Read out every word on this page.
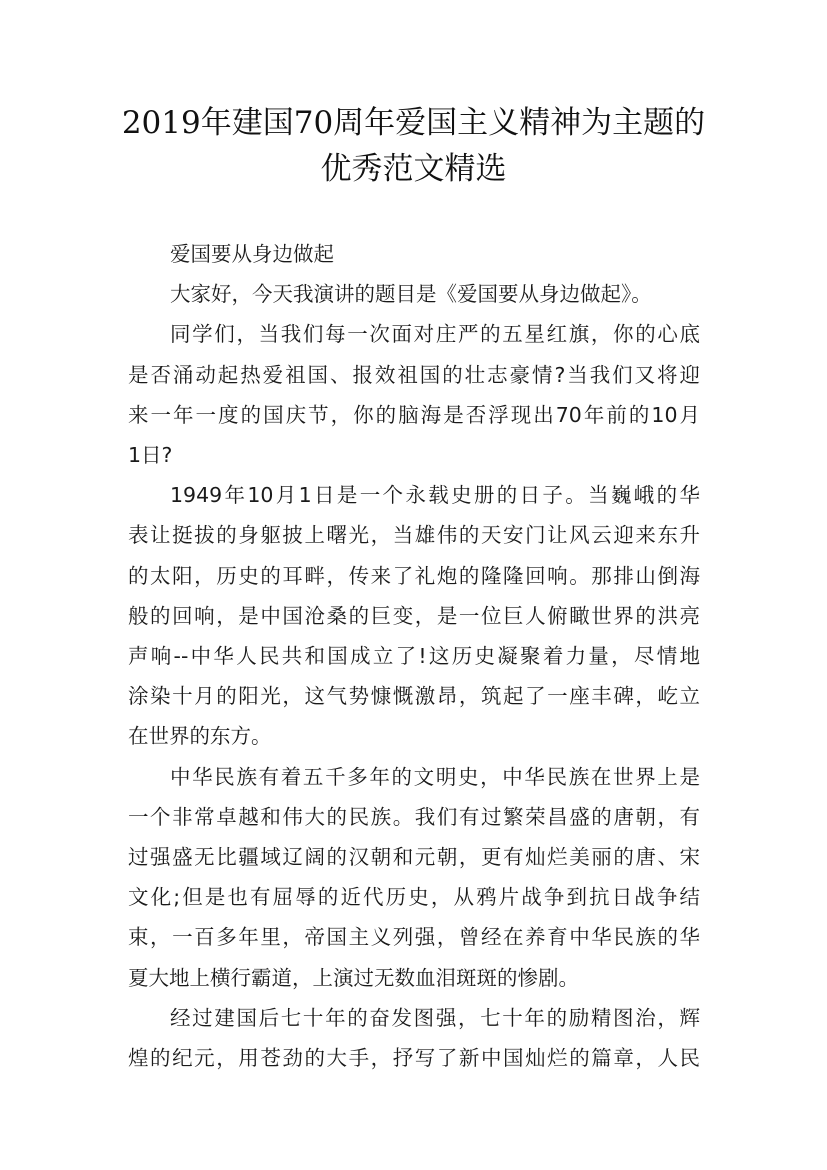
2019年建国70周年爱国主义精神为主题的
优秀范文精选

爱国要从身边做起

大家好，今天我演讲的题目是《爱国要从身边做起》。

同学们，当我们每一次面对庄严的五星红旗，你的心底
是否涌动起热爱祖国、报效祖国的壮志豪情?当我们又将迎
来一年一度的国庆节，你的脑海是否浮现出70年前的10月
1日?

1949年10月1日是一个永载史册的日子。当巍峨的华
表让挺拔的身躯披上曙光，当雄伟的天安门让风云迎来东升
的太阳，历史的耳畔，传来了礼炮的隆隆回响。那排山倒海
般的回响，是中国沧桑的巨变，是一位巨人俯瞰世界的洪亮
声响--中华人民共和国成立了!这历史凝聚着力量，尽情地
涂染十月的阳光，这气势慷慨激昂，筑起了一座丰碑，屹立
在世界的东方。

中华民族有着五千多年的文明史，中华民族在世界上是
一个非常卓越和伟大的民族。我们有过繁荣昌盛的唐朝，有
过强盛无比疆域辽阔的汉朝和元朝，更有灿烂美丽的唐、宋
文化;但是也有屈辱的近代历史，从鸦片战争到抗日战争结
束，一百多年里，帝国主义列强，曾经在养育中华民族的华
夏大地上横行霸道，上演过无数血泪斑斑的惨剧。

经过建国后七十年的奋发图强，七十年的励精图治，辉
煌的纪元，用苍劲的大手，抒写了新中国灿烂的篇章，人民
